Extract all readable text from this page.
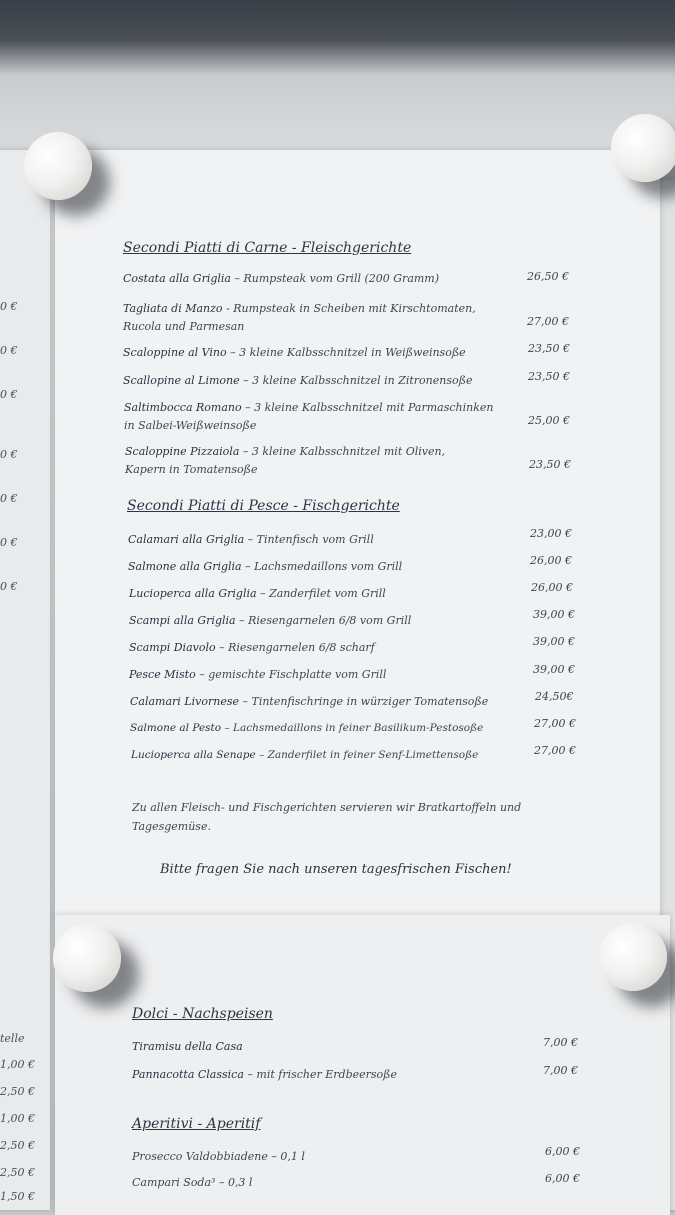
0 €
0 €
0 €
0 €
0 €
0 €
0 €
telle
1,00 €
2,50 €
1,00 €
2,50 €
2,50 €
1,50 €
Secondi Piatti di Carne - Fleischgerichte
Costata alla Griglia – Rumpsteak vom Grill (200 Gramm)	26,50 €
Tagliata di Manzo - Rumpsteak in Scheiben mit Kirschtomaten,
Rucola und Parmesan	27,00 €
Scaloppine al Vino – 3 kleine Kalbsschnitzel in Weißweinsoße	23,50 €
Scallopine al Limone – 3 kleine Kalbsschnitzel in Zitronensoße	23,50 €
Saltimbocca Romano – 3 kleine Kalbsschnitzel mit Parmaschinken
in Salbei-Weißweinsoße	25,00 €
Scaloppine Pizzaiola – 3 kleine Kalbsschnitzel mit Oliven,
Kapern in Tomatensoße	23,50 €
Secondi Piatti di Pesce - Fischgerichte
Calamari alla Griglia – Tintenfisch vom Grill	23,00 €
Salmone alla Griglia – Lachsmedaillons vom Grill	26,00 €
Lucioperca alla Griglia – Zanderfilet vom Grill	26,00 €
Scampi alla Griglia – Riesengarnelen 6/8 vom Grill	39,00 €
Scampi Diavolo – Riesengarnelen 6/8 scharf	39,00 €
Pesce Misto – gemischte Fischplatte vom Grill	39,00 €
Calamari Livornese – Tintenfischringe in würziger Tomatensoße	24,50€
Salmone al Pesto – Lachsmedaillons in feiner Basilikum-Pestosoße	27,00 €
Lucioperca alla Senape – Zanderfilet in feiner Senf-Limettensoße	27,00 €
Zu allen Fleisch- und Fischgerichten servieren wir Bratkartoffeln und
Tagesgemüse.
Bitte fragen Sie nach unseren tagesfrischen Fischen!
Dolci - Nachspeisen
Tiramisu della Casa	7,00 €
Pannacotta Classica – mit frischer Erdbeersoße	7,00 €
Aperitivi - Aperitif
Prosecco Valdobbiadene – 0,1 l	6,00 €
Campari Soda³ – 0,3 l	6,00 €
